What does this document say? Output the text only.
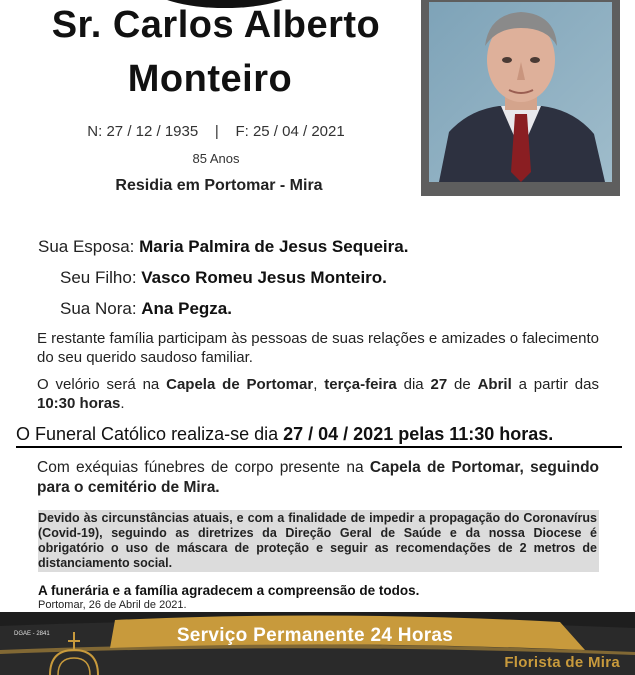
Sr. Carlos Alberto
Monteiro
N: 27 / 12 / 1935    |    F: 25 / 04 / 2021
85 Anos
Residia em Portomar - Mira
Sua Esposa: Maria Palmira de Jesus Sequeira.
Seu Filho: Vasco Romeu Jesus Monteiro.
Sua Nora: Ana Pegza.
E restante família participam às pessoas de suas relações e amizades o falecimento do seu querido saudoso familiar.
O velório será na Capela de Portomar, terça-feira dia 27 de Abril a partir das 10:30 horas.
O Funeral Católico realiza-se dia 27 / 04 / 2021 pelas 11:30 horas.
Com exéquias fúnebres de corpo presente na Capela de Portomar, seguindo para o cemitério de Mira.
Devido às circunstâncias atuais, e com a finalidade de impedir a propagação do Coronavírus (Covid-19), seguindo as diretrizes da Direção Geral de Saúde e da nossa Diocese é obrigatório o uso de máscara de proteção e seguir as recomendações de 2 metros de distanciamento social.
A funerária e a família agradecem a compreensão de todos.
Portomar, 26 de Abril de 2021.
DGAE - 2841	Serviço Permanente 24 Horas
Florista de Mira
